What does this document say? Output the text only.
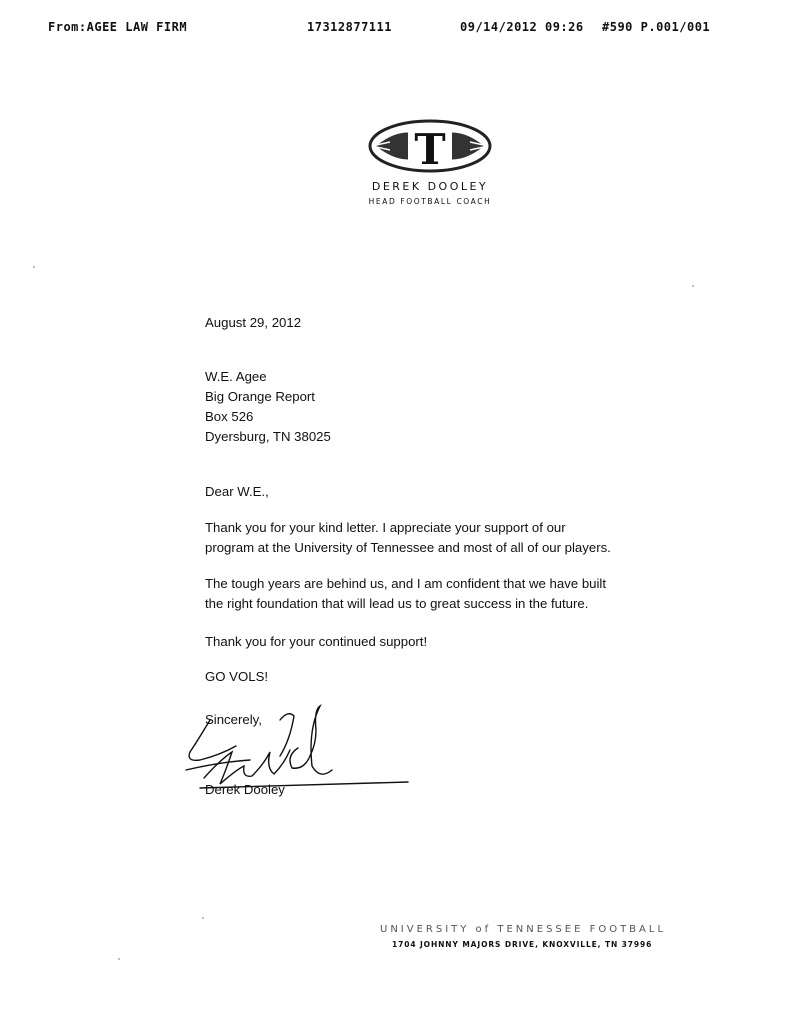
From:AGEE LAW FIRM	17312877111	09/14/2012 09:26 #590 P.001/001
T
DEREK DOOLEY
HEAD FOOTBALL COACH
August 29, 2012
W.E. Agee
Big Orange Report
Box 526
Dyersburg, TN 38025
Dear W.E.,
Thank you for your kind letter. I appreciate your support of our
program at the University of Tennessee and most of all of our players.
The tough years are behind us, and I am confident that we have built
the right foundation that will lead us to great success in the future.
Thank you for your continued support!
GO VOLS!
Sincerely,
Derek Dooley
UNIVERSITY of TENNESSEE FOOTBALL
1704 JOHNNY MAJORS DRIVE, KNOXVILLE, TN 37996
